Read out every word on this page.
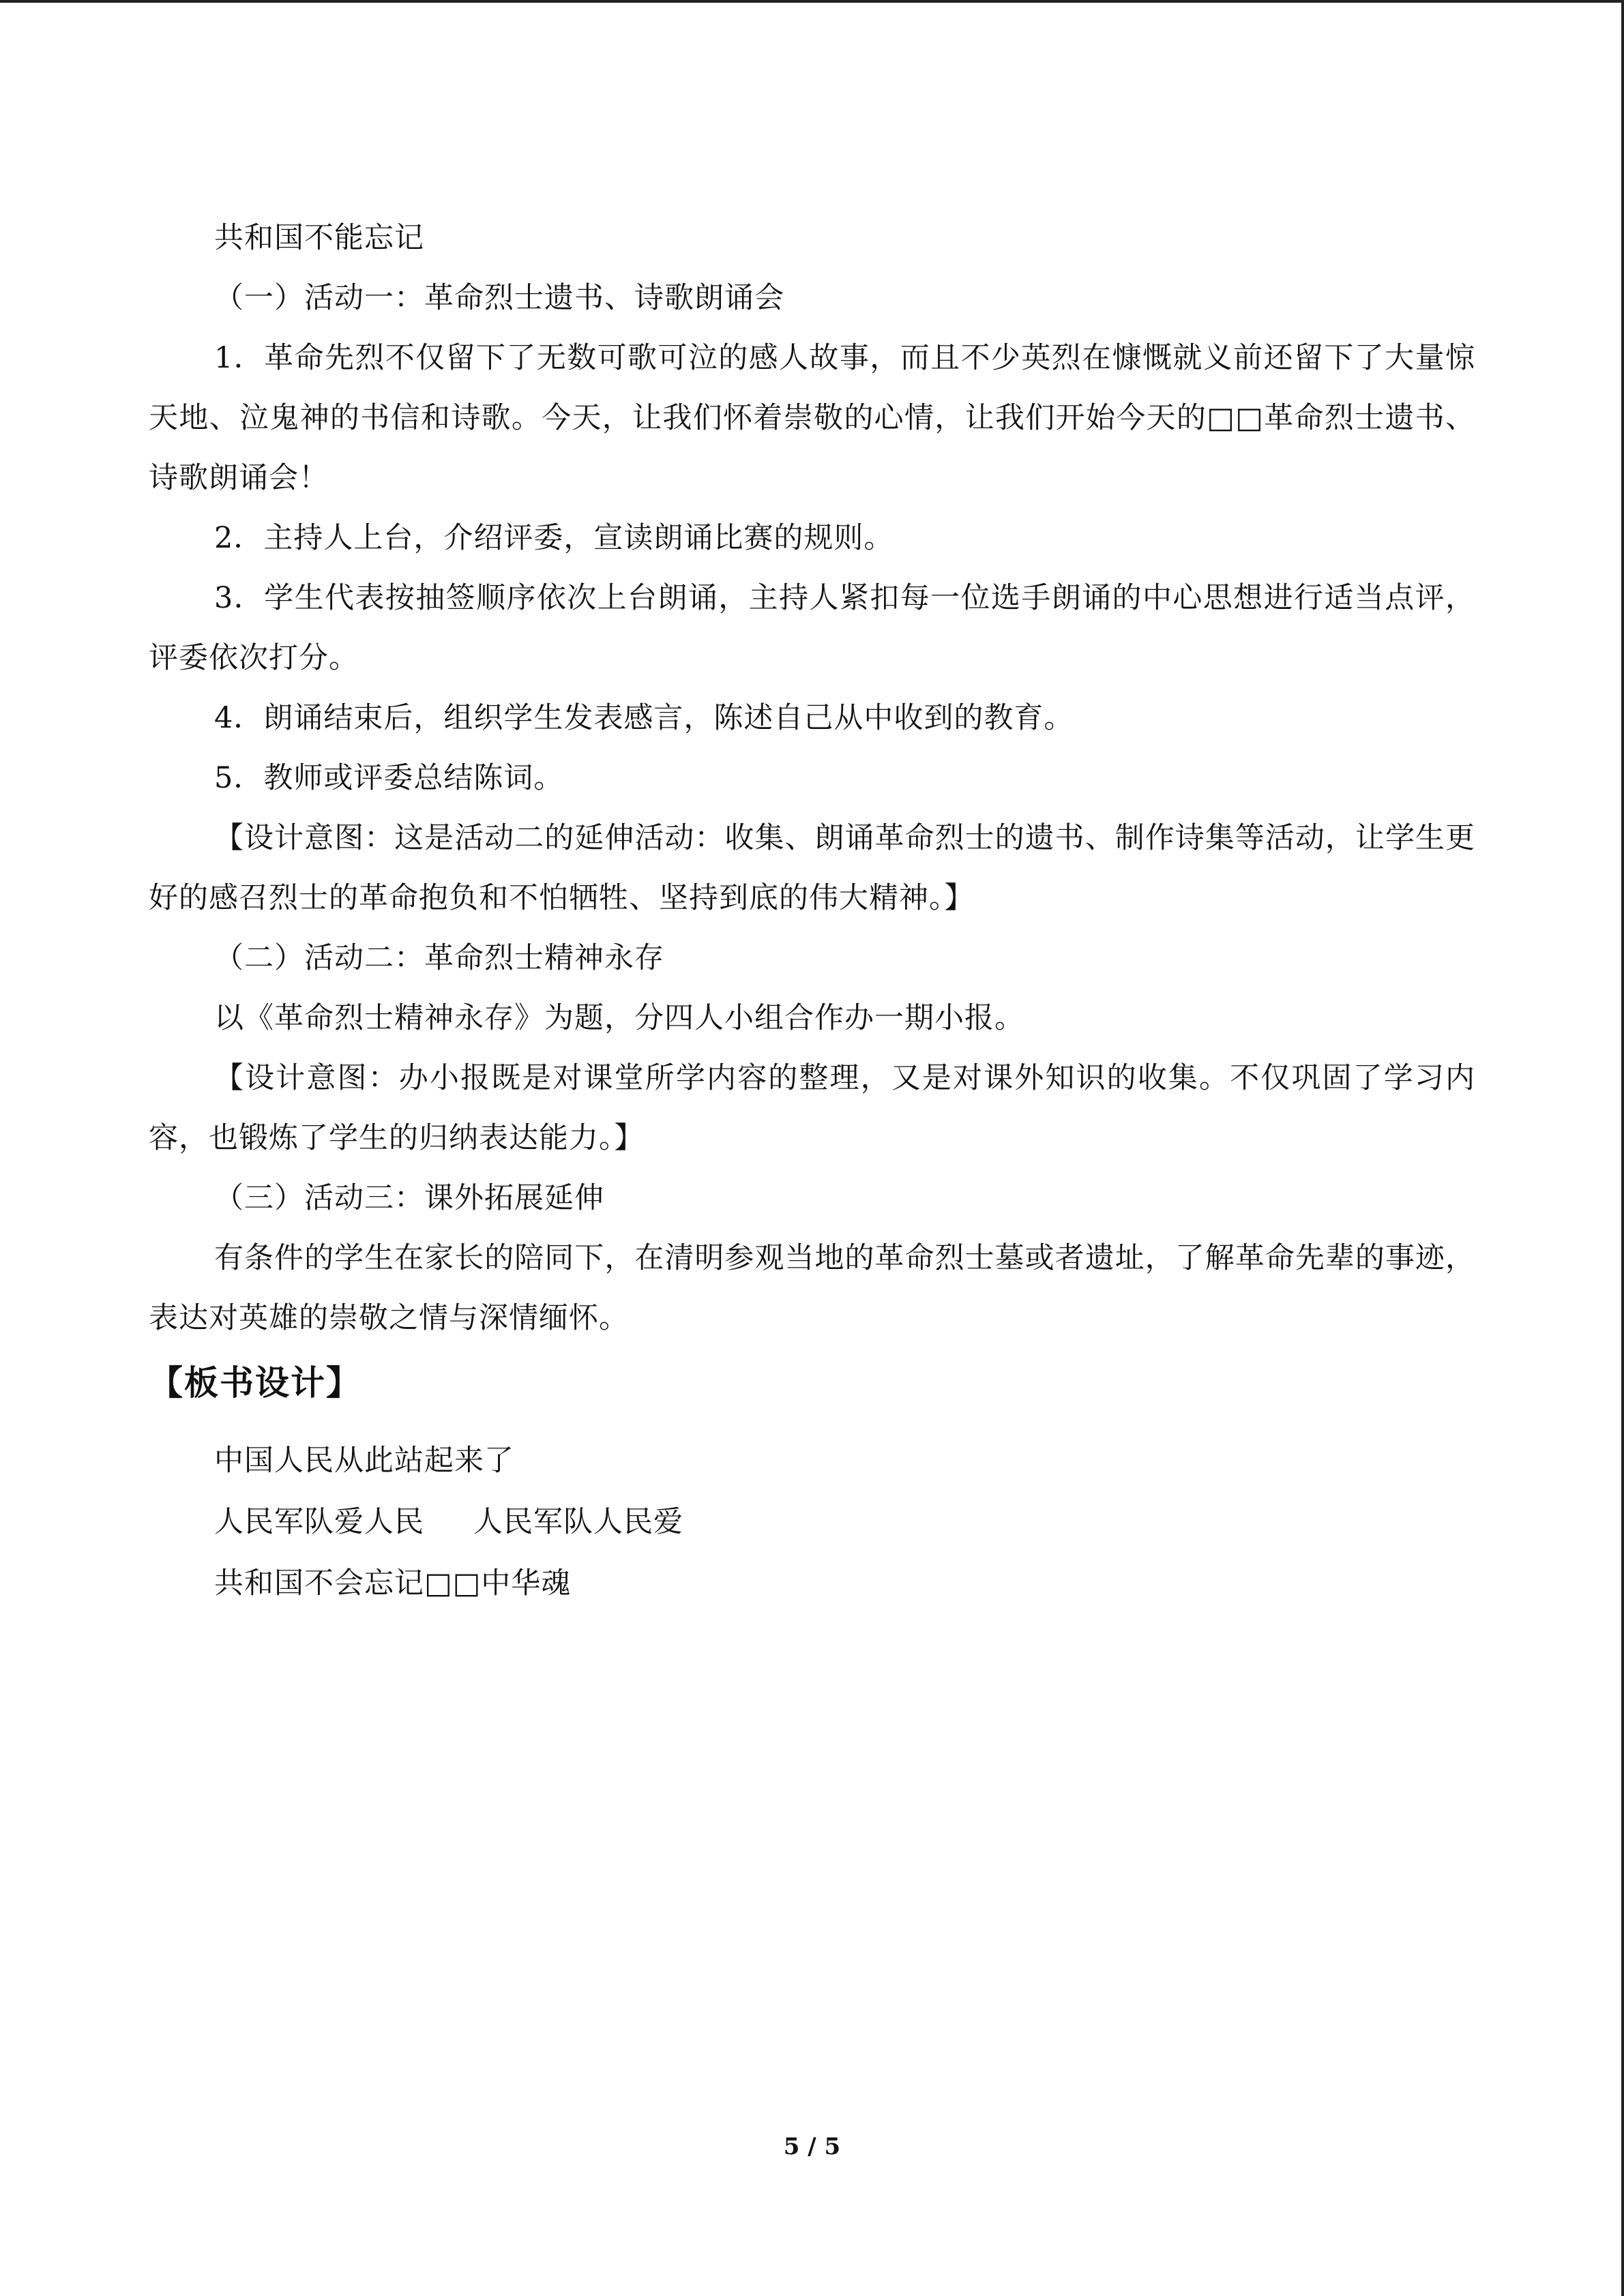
共和国不能忘记

（一）活动一：革命烈士遗书、诗歌朗诵会

1．革命先烈不仅留下了无数可歌可泣的感人故事，而且不少英烈在慷慨就义前还留下了大量惊天地、泣鬼神的书信和诗歌。今天，让我们怀着崇敬的心情，让我们开始今天的□□革命烈士遗书、诗歌朗诵会！

2．主持人上台，介绍评委，宣读朗诵比赛的规则。

3．学生代表按抽签顺序依次上台朗诵，主持人紧扣每一位选手朗诵的中心思想进行适当点评，评委依次打分。

4．朗诵结束后，组织学生发表感言，陈述自己从中收到的教育。

5．教师或评委总结陈词。

【设计意图：这是活动二的延伸活动：收集、朗诵革命烈士的遗书、制作诗集等活动，让学生更好的感召烈士的革命抱负和不怕牺牲、坚持到底的伟大精神。】

（二）活动二：革命烈士精神永存

以《革命烈士精神永存》为题，分四人小组合作办一期小报。

【设计意图：办小报既是对课堂所学内容的整理，又是对课外知识的收集。不仅巩固了学习内容，也锻炼了学生的归纳表达能力。】

（三）活动三：课外拓展延伸

有条件的学生在家长的陪同下，在清明参观当地的革命烈士墓或者遗址，了解革命先辈的事迹，表达对英雄的崇敬之情与深情缅怀。

【板书设计】

中国人民从此站起来了

人民军队爱人民 人民军队人民爱

共和国不会忘记□□中华魂

5 / 5
